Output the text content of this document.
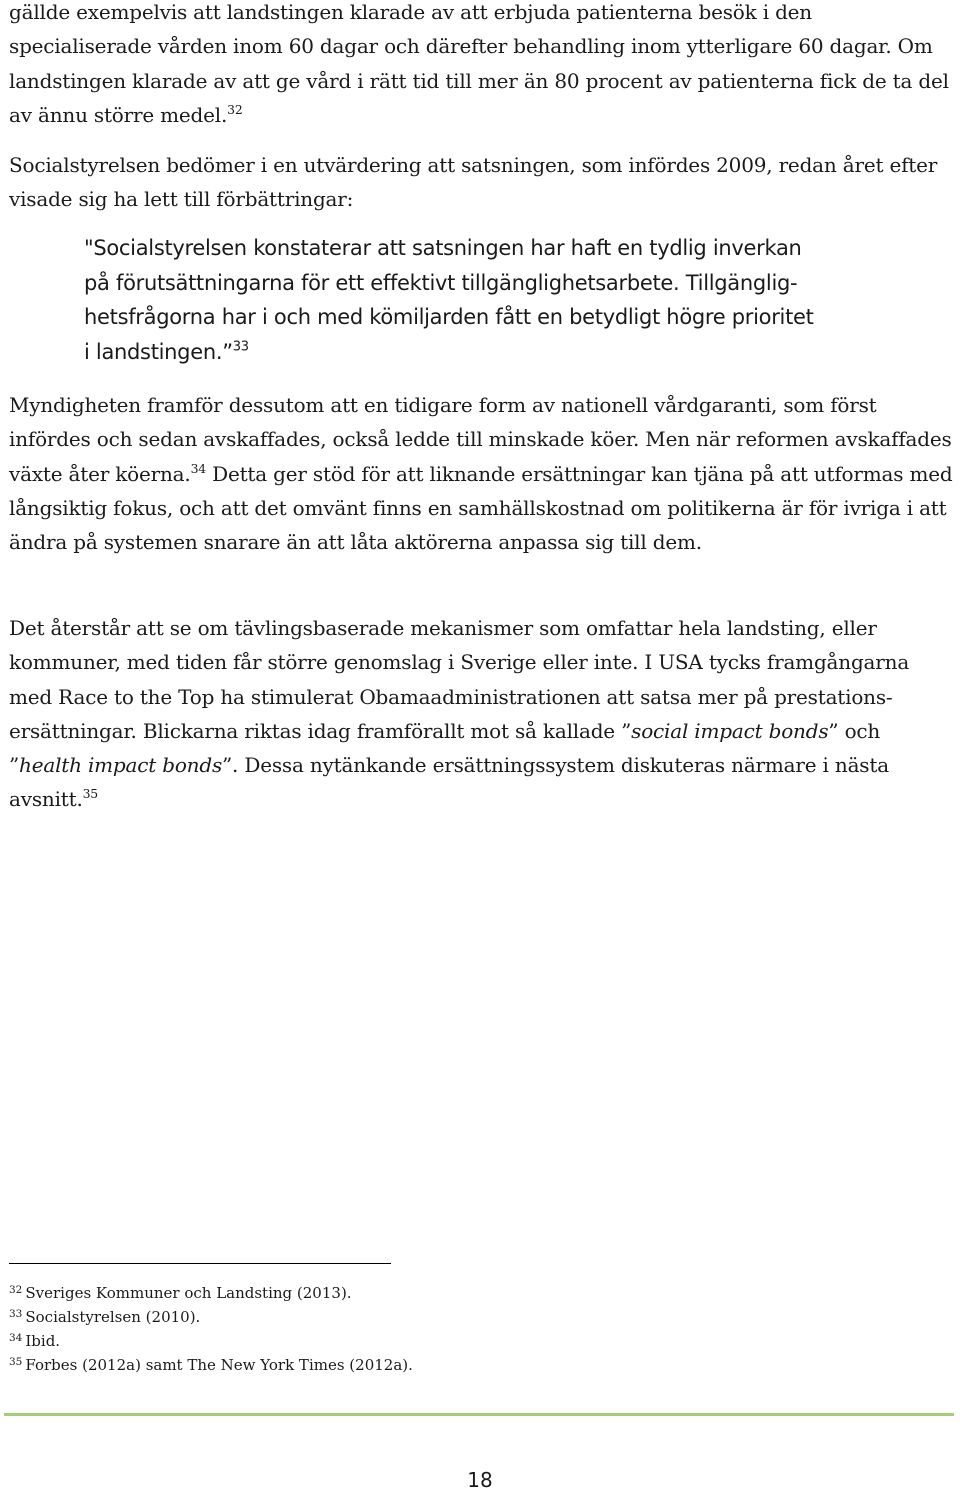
gällde exempelvis att landstingen klarade av att erbjuda patienterna besök i den specialiserade vården inom 60 dagar och därefter behandling inom ytterligare 60 dagar. Om landstingen klarade av att ge vård i rätt tid till mer än 80 procent av patienterna fick de ta del av ännu större medel.$^{32}$

Socialstyrelsen bedömer i en utvärdering att satsningen, som infördes 2009, redan året efter visade sig ha lett till förbättringar:

"Socialstyrelsen konstaterar att satsningen har haft en tydlig inverkan
på förutsättningarna för ett effektivt tillgänglighetsarbete. Tillgänglig-
hetsfrågorna har i och med kömiljarden fått en betydligt högre prioritet
i landstingen.”$^{33}$

Myndigheten framför dessutom att en tidigare form av nationell vårdgaranti, som först infördes och sedan avskaffades, också ledde till minskade köer. Men när reformen avskaffades växte åter köerna.$^{34}$ Detta ger stöd för att liknande ersättningar kan tjäna på att utformas med långsiktig fokus, och att det omvänt finns en samhällskostnad om politikerna är för ivriga i att ändra på systemen snarare än att låta aktörerna anpassa sig till dem.

Det återstår att se om tävlingsbaserade mekanismer som omfattar hela landsting, eller kommuner, med tiden får större genomslag i Sverige eller inte. I USA tycks framgångarna med Race to the Top ha stimulerat Obamaadministrationen att satsa mer på prestationsersättningar. Blickarna riktas idag framförallt mot så kallade ”social impact bonds” och ”health impact bonds”. Dessa nytänkande ersättningssystem diskuteras närmare i nästa avsnitt.$^{35}$

$^{32}$ Sveriges Kommuner och Landsting (2013).

$^{33}$ Socialstyrelsen (2010).

$^{34}$ Ibid.

$^{35}$ Forbes (2012a) samt The New York Times (2012a).

18
